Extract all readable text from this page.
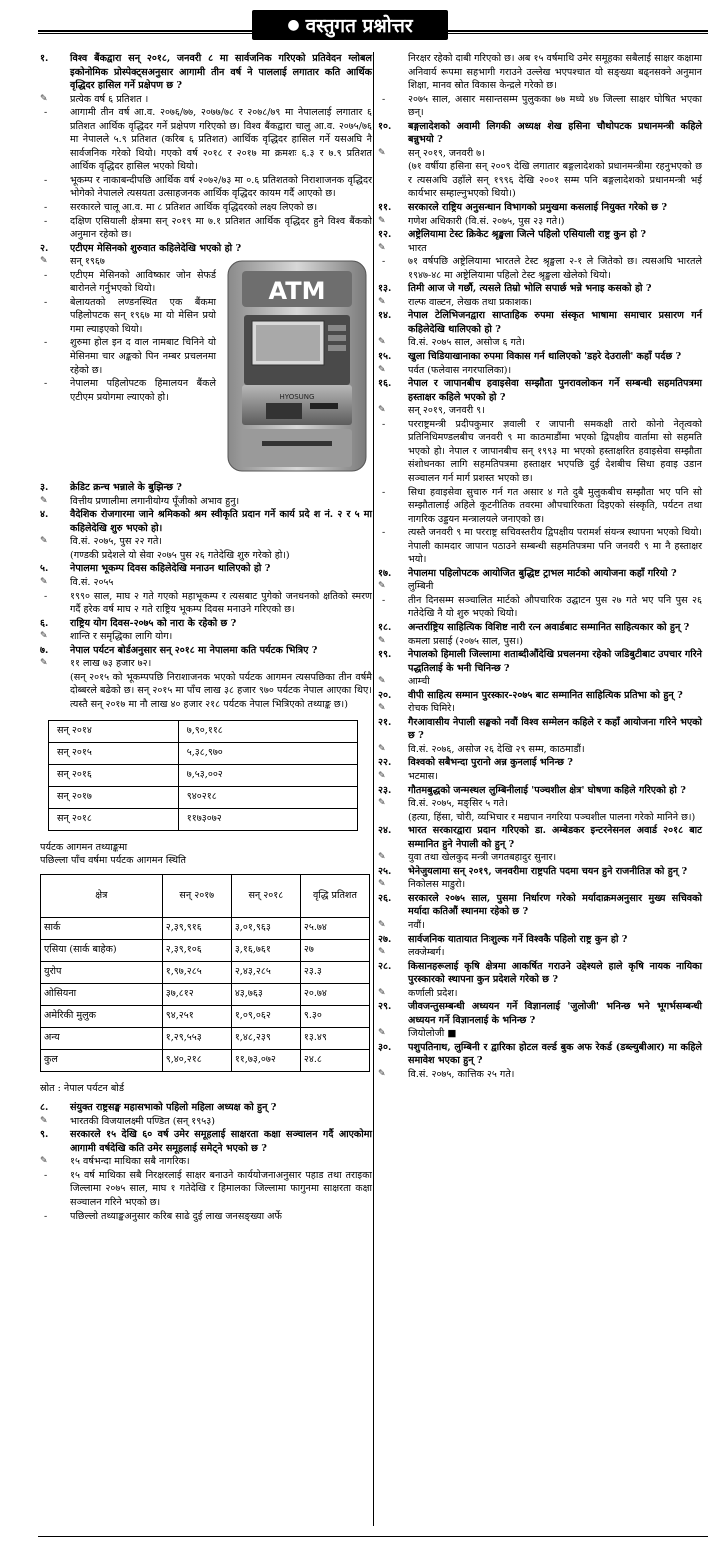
● वस्तुगत प्रश्नोत्तर
१.	विश्व बैंकद्वारा सन् २०१८, जनवरी ८ मा सार्वजनिक गरिएको प्रतिवेदन ग्लोबल इकोनोमिक प्रोस्पेक्ट्सअनुसार आगामी तीन वर्ष ने पाललाई लगातार कति आर्थिक वृद्धिदर हासिल गर्ने प्रक्षेपण छ ?
✎	प्रत्येक वर्ष ६ प्रतिशत ।
-	आगामी तीन वर्ष आ.व. २०७६/७७, २०७७/७८ र २०७८/७९ मा नेपाललाई लगातार ६ प्रतिशत आर्थिक वृद्धिदर गर्ने प्रक्षेपण गरिएको छ। विश्व बैंकद्वारा चालु आ.व. २०७५/७६ मा नेपालले ५.९ प्रतिशत (करिब ६ प्रतिशत) आर्थिक वृद्धिदर हासिल गर्ने यसअघि नै सार्वजनिक गरेको थियो। गएको वर्ष २०१८ र २०१७ मा क्रमशः ६.३ र ७.९ प्रतिशत आर्थिक वृद्धिदर हासिल भएको थियो।
-	भूकम्प र नाकाबन्दीपछि आर्थिक वर्ष २०७२/७३ मा ०.६ प्रतिशतको निराशाजनक वृद्धिदर भोगेको नेपालले त्यसयता उत्साहजनक आर्थिक वृद्धिदर कायम गर्दै आएको छ।
-	सरकारले चालू आ.व. मा ८ प्रतिशत आर्थिक वृद्धिदरको लक्ष्य लिएको छ।
-	दक्षिण एसियाली क्षेत्रमा सन् २०१९ मा ७.१ प्रतिशत आर्थिक वृद्धिदर हुने विश्व बैंकको अनुमान रहेको छ।
२.	एटीएम मेसिनको शुरुवात कहिलेदेखि भएको हो ?
ATM
HYOSUNG
✎	सन् १९६७
-	एटीएम मेसिनको आविष्कार जोन सेफर्ड बारोनले गर्नुभएको थियो।
-	बेलायतको लण्डनस्थित एक बैंकमा पहिलोपटक सन् १९६७ मा यो मेसिन प्रयो गमा ल्याइएको थियो।
-	शुरुमा होल इन द वाल नामबाट चिनिने यो मेसिनमा चार अङ्कको पिन नम्बर प्रचलनमा रहेको छ।
-	नेपालमा पहिलोपटक हिमालयन बैंकले एटीएम प्रयोगमा ल्याएको हो।
३.	क्रेडिट क्रन्च भन्नाले के बुझिन्छ ?
✎	वित्तीय प्रणालीमा लगानीयोग्य पूँजीको अभाव हुनु।
४.	वैदेशिक रोजगारमा जाने श्रमिकको श्रम स्वीकृति प्रदान गर्ने कार्य प्रदे श नं. २ र ५ मा कहिलेदेखि शुरु भएको हो।
✎	वि.सं. २०७५, पुस २२ गते।
(गण्डकी प्रदेशले यो सेवा २०७५ पुस २६ गतेदेखि शुरु गरेको हो।)
५.	नेपालमा भूकम्प दिवस कहिलेदेखि मनाउन थालिएको हो ?
✎	वि.सं. २०५५
-	१९९० साल, माघ २ गते गएको महाभूकम्प र त्यसबाट पुगेको जनधनको क्षतिको स्मरण गर्दै हरेक वर्ष माघ २ गते राष्ट्रिय भूकम्प दिवस मनाउने गरिएको छ।
६.	राष्ट्रिय योग दिवस-२०७५ को नारा के रहेको छ ?
✎	शान्ति र समृद्धिका लागि योग।
७.	नेपाल पर्यटन बोर्डअनुसार सन् २०१८ मा नेपालमा कति पर्यटक भित्रिए ?
✎	११ लाख ७३ हजार ७२।
(सन् २०१५ को भूकम्पपछि निराशाजनक भएको पर्यटक आगमन त्यसपछिका तीन वर्षमै दोब्बरले बढेको छ। सन् २०१५ मा पाँच लाख ३८ हजार ९७० पर्यटक नेपाल आएका थिए। त्यस्तै सन् २०१७ मा नौ लाख ४० हजार २१८ पर्यटक नेपाल भित्रिएको तथ्याङ्क छ।)
सन् २०१४	७,९०,११८
सन् २०१५	५,३८,९७०
सन् २०१६	७,५३,००२
सन् २०१७	९४०२१८
सन् २०१८	११७३०७२
पर्यटक आगमन तथ्याङ्कमा
पछिल्ला पाँच वर्षमा पर्यटक आगमन स्थिति
क्षेत्र	सन् २०१७	सन् २०१८	वृद्धि प्रतिशत
सार्क	२,३९,९१६	३,०१,९६३	२५.७४
एसिया (सार्क बाहेक)	२,३९,१०६	३,१६,७६१	२७
युरोप	१,९७,२८५	२,४३,२८५	२३.३
ओसियना	३७,८१२	४३,७६३	२०.७४
अमेरिकी मुलुक	९४,२५१	१,०९,०६२	९.३०
अन्य	१,२९,५५३	१,४८,२३९	१३.४९
कुल	९,४०,२१८	११,७३,०७२	२४.८
स्रोत : नेपाल पर्यटन बोर्ड
८.	संयुक्त राष्ट्रसङ्घ महासभाको पहिलो महिला अध्यक्ष को हुन् ?
✎	भारतकी विजयालक्ष्मी पण्डित (सन् १९५३)
९.	सरकारले १५ देखि ६० वर्ष उमेर समूहलाई साक्षरता कक्षा सञ्चालन गर्दै आएकोमा आगामी वर्षदेखि कति उमेर समूहलाई समेट्ने भएको छ ?
✎	१५ वर्षभन्दा माथिका सबै नागरिक।
-	१५ वर्ष माथिका सबै निरक्षरलाई साक्षर बनाउने कार्ययोजनाअनुसार पहाड तथा तराइका जिल्लामा २०७५ साल, माघ १ गतेदेखि र हिमालका जिल्लामा फागुनमा साक्षरता कक्षा सञ्चालन गरिने भएको छ।
-	पछिल्लो तथ्याङ्कअनुसार करिब साढे दुई लाख जनसङ्ख्या अर्फे
निरक्षर रहेको दाबी गरिएको छ। अब १५ वर्षमाथि उमेर समूहका सबैलाई साक्षर कक्षामा अनिवार्य रूपमा सहभागी गराउने उल्लेख भएपश्चात यो सङ्ख्या बढ्नसक्ने अनुमान शिक्षा, मानव स्रोत विकास केन्द्रले गरेको छ।
-	२०७५ साल, असार मसान्तसम्म पुलुकका ७७ मध्ये ४७ जिल्ला साक्षर घोषित भएका छन्।
१०.	बङ्गलादेशको अवामी लिगकी अध्यक्ष शेख हसिना चौथोपटक प्रधानमन्त्री कहिले बन्नुभयो ?
✎	सन् २०१९, जनवरी ७।
(७१ वर्षीया हसिना सन् २००९ देखि लगातार बङ्गलादेशको प्रधानमन्त्रीमा रहनुभएको छ र त्यसअघि उहाँले सन् १९९६ देखि २००१ सम्म पनि बङ्गलादेशको प्रधानमन्त्री भई कार्यभार सम्हाल्नुभएको थियो।)
११.	सरकारले राष्ट्रिय अनुसन्धान विभागको प्रमुखमा कसलाई नियुक्त गरेको छ ?
✎	गणेश अधिकारी (वि.सं. २०७५, पुस २३ गते।)
१२.	अष्ट्रेलियामा टेस्ट क्रिकेट श्रृङ्खला जित्ने पहिलो एसियाली राष्ट्र कुन हो ?
✎	भारत
-	७१ वर्षपछि अष्ट्रेलियामा भारतले टेस्ट श्रृङ्खला २-१ ले जितेको छ। त्यसअघि भारतले १९४७-४८ मा अष्ट्रेलियामा पहिलो टेस्ट श्रृङ्खला खेलेको थियो।
१३.	तिमी आज जे गर्छौ, त्यसले तिम्रो भोलि सपार्छ भन्ने भनाइ कसको हो ?
✎	राल्फ वाल्र्टन, लेखक तथा प्रकाशक।
१४.	नेपाल टेलिभिजनद्वारा साप्ताहिक रुपमा संस्कृत भाषामा समाचार प्रसारण गर्न कहिलेदेखि थालिएको हो ?
✎	वि.सं. २०७५ साल, असोज ६ गते।
१५.	खुला चिडियाखानाका रुपमा विकास गर्न थालिएको 'डहरे देउराली' कहाँ पर्दछ ?
✎	पर्वत (फलेवास नगरपालिका)।
१६.	नेपाल र जापानबीच हवाइसेवा सम्झौता पुनरावलोकन गर्ने सम्बन्धी सहमतिपत्रमा हस्ताक्षर कहिले भएको हो ?
✎	सन् २०१९, जनवरी ९।
-	परराष्ट्रमन्त्री प्रदीपकुमार ज्ञवाली र जापानी समकक्षी तारो कोनो नेतृत्वको प्रतिनिधिमण्डलबीच जनवरी ९ मा काठमाडौंमा भएको द्विपक्षीय वार्तामा सो सहमति भएको हो। नेपाल र जापानबीच सन् १९९३ मा भएको हस्ताक्षरित हवाइसेवा सम्झौता संशोधनका लागि सहमतिपत्रमा हस्ताक्षर भएपछि दुई देशबीच सिधा हवाइ उडान सञ्चालन गर्न मार्ग प्रशस्त भएको छ।
-	सिधा हवाइसेवा सुचारु गर्न गत असार ४ गते दुबै मुलुकबीच सम्झौता भए पनि सो सम्झौतालाई अहिले कूटनीतिक तवरमा औपचारिकता दिइएको संस्कृति, पर्यटन तथा नागरिक उड्डयन मन्त्रालयले जनाएको छ।
-	त्यस्तै जनवरी ९ मा परराष्ट्र सचिवस्तरीय द्विपक्षीय परामर्श संयन्त्र स्थापना भएको थियो। नेपाली कामदार जापान पठाउने सम्बन्धी सहमतिपत्रमा पनि जनवरी ९ मा नै हस्ताक्षर भयो।
१७.	नेपालमा पहिलोपटक आयोजित बुद्धिष्ट ट्राभल मार्टको आयोजना कहाँ गरियो ?
✎	लुम्बिनी
-	तीन दिनसम्म सञ्चालित मार्टको औपचारिक उद्घाटन पुस २७ गते भए पनि पुस २६ गतेदेखि नै यो शुरु भएको थियो।
१८.	अन्तर्राष्ट्रिय साहित्यिक विशिष्ट नारी रत्न अवार्डबाट सम्मानित साहित्यकार को हुन् ?
✎	कमला प्रसाई (२०७५ साल, पुस।)
१९.	नेपालको हिमाली जिल्लामा शताब्दीऔंदेखि प्रचलनमा रहेको जडिबुटीबाट उपचार गरिने पद्धतिलाई के भनी चिनिन्छ ?
✎	आम्ची
२०.	वीपी साहित्य सम्मान पुरस्कार-२०७५ बाट सम्मानित साहित्यिक प्रतिभा को हुन् ?
✎	रोचक घिमिरे।
२१.	गैरआवासीय नेपाली सङ्घको नवौं विश्व सम्मेलन कहिले र कहाँ आयोजना गरिने भएको छ ?
✎	वि.सं. २०७६, असोज २६ देखि २९ सम्म, काठमाडौं।
२२.	विश्वको सबैभन्दा पुरानो अन्न कुनलाई भनिन्छ ?
✎	भटमास।
२३.	गौतमबुद्धको जन्मस्थल लुम्बिनीलाई 'पञ्चशील क्षेत्र' घोषणा कहिले गरिएको हो ?
✎	वि.सं. २०७५, मङ्सिर ५ गते।
(हत्या, हिंसा, चोरी, व्यभिचार र मद्यपान नगरिया पञ्चशील पालना गरेको मानिने छ।)
२४.	भारत सरकारद्वारा प्रदान गरिएको डा. अम्बेडकर इन्टरनेसनल अवार्ड २०१८ बाट सम्मानित हुने नेपाली को हुन् ?
✎	युवा तथा खेलकुद मन्त्री जगतबहादुर सुनार।
२५.	भेनेजुयलामा सन् २०१९, जनवरीमा राष्ट्रपति पदमा चयन हुने राजनीतिज्ञ को हुन् ?
✎	निकोलस माडुरो।
२६.	सरकारले २०७५ साल, पुसमा निर्धारण गरेको मर्यादाक्रमअनुसार मुख्य सचिवको मर्यादा कतिऔं स्थानमा रहेको छ ?
✎	नवौं।
२७.	सार्वजनिक यातायात निःशुल्क गर्ने विश्वकै पहिलो राष्ट्र कुन हो ?
✎	लक्जेम्बर्ग।
२८.	किसानहरूलाई कृषि क्षेत्रमा आकर्षित गराउने उद्देश्यले हाले कृषि नायक नायिका पुरस्कारको स्थापना कुन प्रदेशले गरेको छ ?
✎	कर्णाली प्रदेश।
२९.	जीवजन्तुसम्बन्धी अध्ययन गर्ने विज्ञानलाई 'जुलोजी' भनिन्छ भने भूगर्भसम्बन्धी अध्ययन गर्ने विज्ञानलाई के भनिन्छ ?
✎	जियोलोजी ■
३०.	पशुपतिनाथ, लुम्बिनी र द्वारिका होटल वर्ल्ड बुक अफ रेकर्ड (डब्ल्युबीआर) मा कहिले समावेश भएका हुन् ?
✎	वि.सं. २०७५, कात्तिक २५ गते।
